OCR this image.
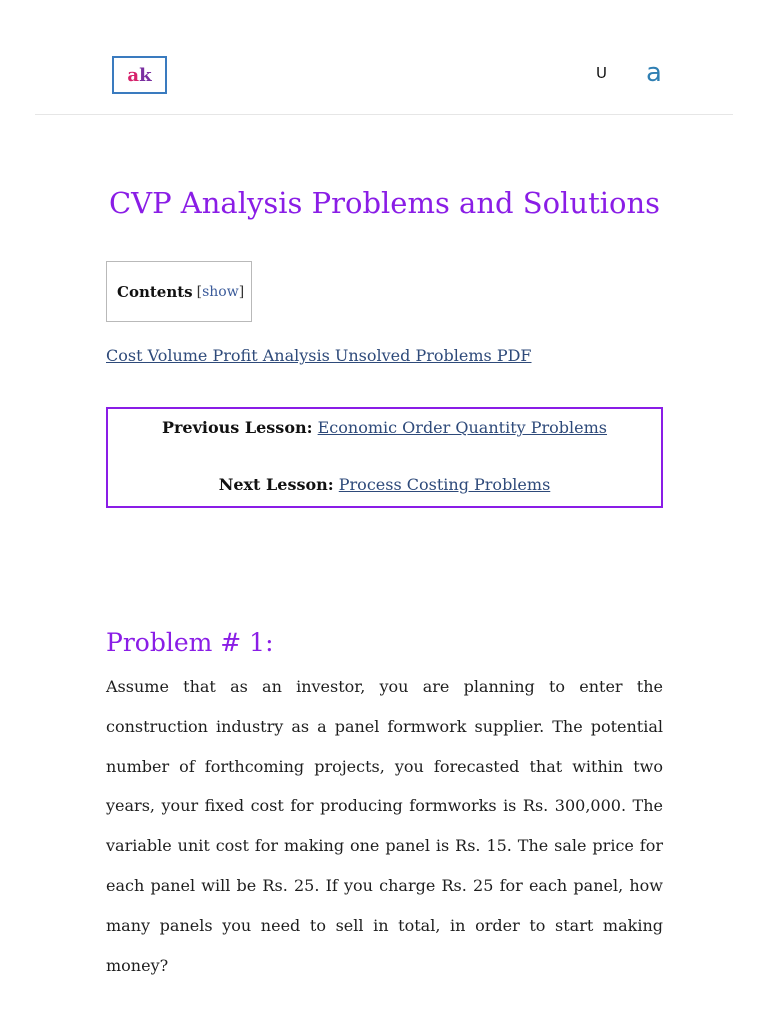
a k	U a
CVP Analysis Problems and Solutions
Contents [show]
Cost Volume Profit Analysis Unsolved Problems PDF
Previous Lesson: Economic Order Quantity Problems
Next Lesson: Process Costing Problems
Problem # 1:

Assume that as an investor, you are planning to enter the construction industry as a panel formwork supplier. The potential number of forthcoming projects, you forecasted that within two years, your fixed cost for producing formworks is Rs. 300,000. The variable unit cost for making one panel is Rs. 15. The sale price for each panel will be Rs. 25. If you charge Rs. 25 for each panel, how many panels you need to sell in total, in order to start making money?
